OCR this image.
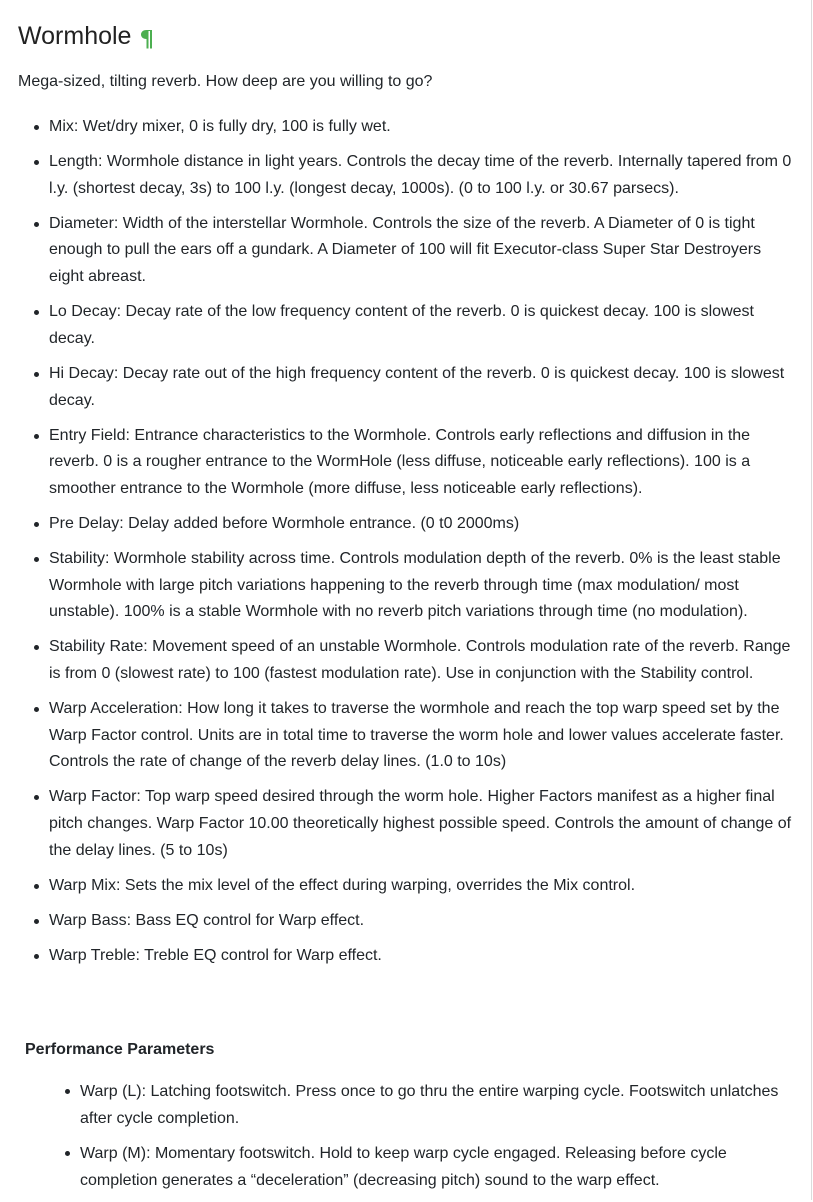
Wormhole

Mega-sized, tilting reverb. How deep are you willing to go?

Mix: Wet/dry mixer, 0 is fully dry, 100 is fully wet.
Length: Wormhole distance in light years. Controls the decay time of the reverb. Internally tapered from 0 l.y. (shortest decay, 3s) to 100 l.y. (longest decay, 1000s). (0 to 100 l.y. or 30.67 parsecs).
Diameter: Width of the interstellar Wormhole. Controls the size of the reverb. A Diameter of 0 is tight enough to pull the ears off a gundark. A Diameter of 100 will fit Executor-class Super Star Destroyers eight abreast.
Lo Decay: Decay rate of the low frequency content of the reverb. 0 is quickest decay. 100 is slowest decay.
Hi Decay: Decay rate out of the high frequency content of the reverb. 0 is quickest decay. 100 is slowest decay.
Entry Field: Entrance characteristics to the Wormhole. Controls early reflections and diffusion in the reverb. 0 is a rougher entrance to the WormHole (less diffuse, noticeable early reflections). 100 is a smoother entrance to the Wormhole (more diffuse, less noticeable early reflections).
Pre Delay: Delay added before Wormhole entrance. (0 t0 2000ms)
Stability: Wormhole stability across time. Controls modulation depth of the reverb. 0% is the least stable Wormhole with large pitch variations happening to the reverb through time (max modulation/ most unstable). 100% is a stable Wormhole with no reverb pitch variations through time (no modulation).
Stability Rate: Movement speed of an unstable Wormhole. Controls modulation rate of the reverb. Range is from 0 (slowest rate) to 100 (fastest modulation rate). Use in conjunction with the Stability control.
Warp Acceleration: How long it takes to traverse the wormhole and reach the top warp speed set by the Warp Factor control. Units are in total time to traverse the worm hole and lower values accelerate faster. Controls the rate of change of the reverb delay lines. (1.0 to 10s)
Warp Factor: Top warp speed desired through the worm hole. Higher Factors manifest as a higher final pitch changes. Warp Factor 10.00 theoretically highest possible speed. Controls the amount of change of the delay lines. (5 to 10s)
Warp Mix: Sets the mix level of the effect during warping, overrides the Mix control.
Warp Bass: Bass EQ control for Warp effect.
Warp Treble: Treble EQ control for Warp effect.
Performance Parameters
Warp (L): Latching footswitch. Press once to go thru the entire warping cycle. Footswitch unlatches after cycle completion.
Warp (M): Momentary footswitch. Hold to keep warp cycle engaged. Releasing before cycle completion generates a “deceleration” (decreasing pitch) sound to the warp effect.
